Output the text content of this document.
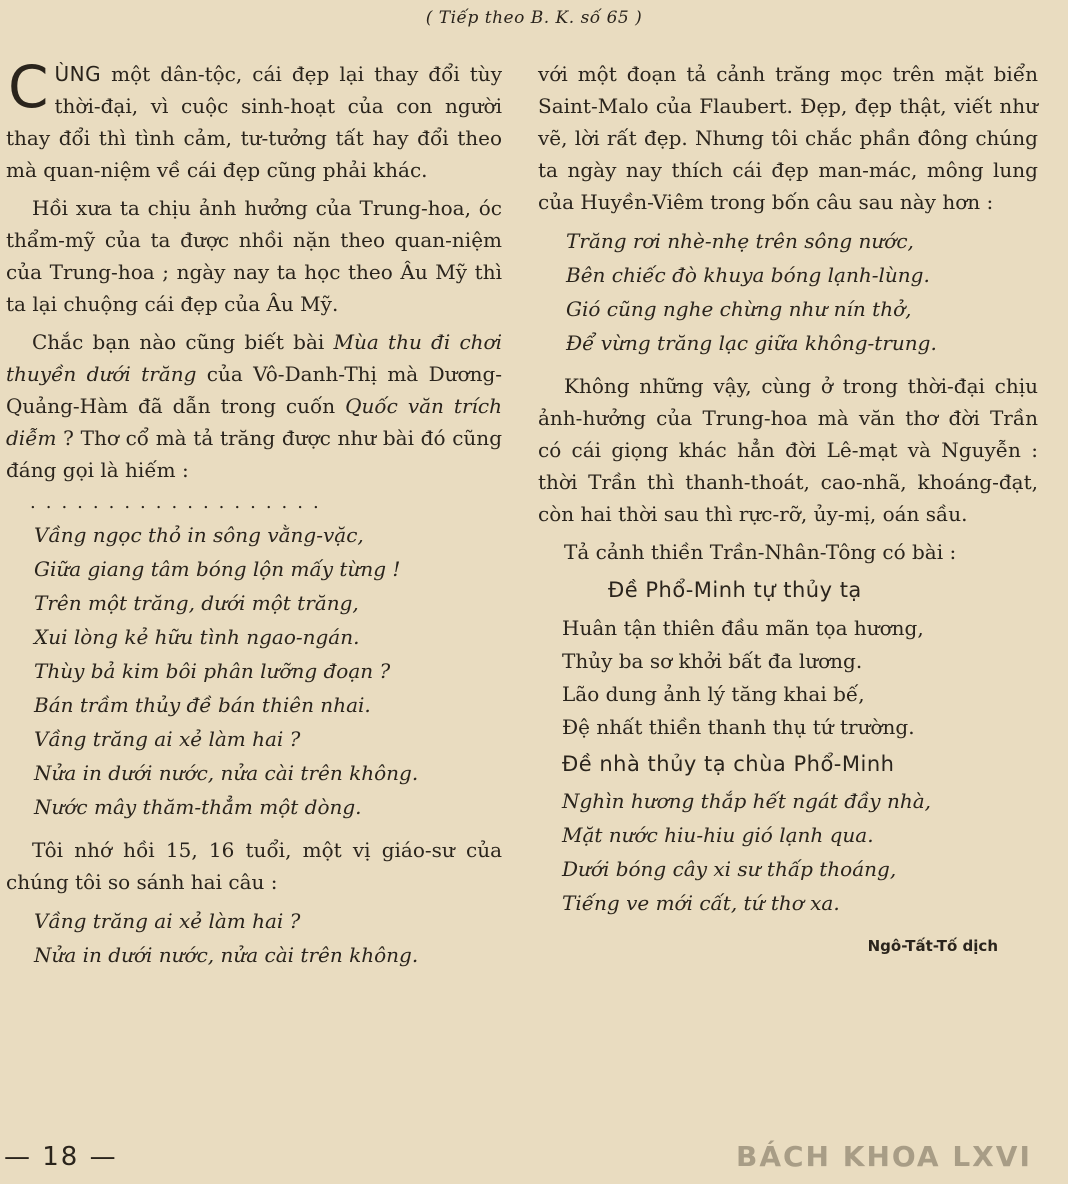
( Tiếp theo B. K. số 65 )

CÙNG một dân-tộc, cái đẹp lại thay đổi tùy thời-đại, vì cuộc sinh-hoạt của con người thay đổi thì tình cảm, tư-tưởng tất hay đổi theo mà quan-niệm về cái đẹp cũng phải khác.

Hồi xưa ta chịu ảnh hưởng của Trung-hoa, óc thẩm-mỹ của ta được nhồi nặn theo quan-niệm của Trung-hoa ; ngày nay ta học theo Âu Mỹ thì ta lại chuộng cái đẹp của Âu Mỹ.

Chắc bạn nào cũng biết bài Mùa thu đi chơi thuyền dưới trăng của Vô-Danh-Thị mà Dương-Quảng-Hàm đã dẫn trong cuốn Quốc văn trích diễm ? Thơ cổ mà tả trăng được như bài đó cũng đáng gọi là hiếm :

...................
Vầng ngọc thỏ in sông vằng-vặc,
Giữa giang tâm bóng lộn mấy từng !
Trên một trăng, dưới một trăng,
Xui lòng kẻ hữu tình ngao-ngán.
Thùy bả kim bôi phân lưỡng đoạn ?
Bán trầm thủy đề bán thiên nhai.
Vầng trăng ai xẻ làm hai ?
Nửa in dưới nước, nửa cài trên không.
Nước mây thăm-thẳm một dòng.

Tôi nhớ hồi 15, 16 tuổi, một vị giáo-sư của chúng tôi so sánh hai câu :

Vầng trăng ai xẻ làm hai ?
Nửa in dưới nước, nửa cài trên không.

với một đoạn tả cảnh trăng mọc trên mặt biển Saint-Malo của Flaubert. Đẹp, đẹp thật, viết như vẽ, lời rất đẹp. Nhưng tôi chắc phần đông chúng ta ngày nay thích cái đẹp man-mác, mông lung của Huyền-Viêm trong bốn câu sau này hơn :

Trăng rơi nhè-nhẹ trên sông nước,
Bên chiếc đò khuya bóng lạnh-lùng.
Gió cũng nghe chừng như nín thở,
Để vừng trăng lạc giữa không-trung.

Không những vậy, cùng ở trong thời-đại chịu ảnh-hưởng của Trung-hoa mà văn thơ đời Trần có cái giọng khác hẳn đời Lê-mạt và Nguyễn : thời Trần thì thanh-thoát, cao-nhã, khoáng-đạt, còn hai thời sau thì rực-rỡ, ủy-mị, oán sầu.

Tả cảnh thiền Trần-Nhân-Tông có bài :

Đề Phổ-Minh tự thủy tạ
Huân tận thiên đầu mãn tọa hương,
Thủy ba sơ khởi bất đa lương.
Lão dung ảnh lý tăng khai bế,
Đệ nhất thiền thanh thụ tứ trường.
Đề nhà thủy tạ chùa Phổ-Minh
Nghìn hương thắp hết ngát đầy nhà,
Mặt nước hiu-hiu gió lạnh qua.
Dưới bóng cây xi sư thấp thoáng,
Tiếng ve mới cất, tứ thơ xa.
Ngô-Tất-Tố dịch
— 18 —	BÁCH KHOA LXVI
